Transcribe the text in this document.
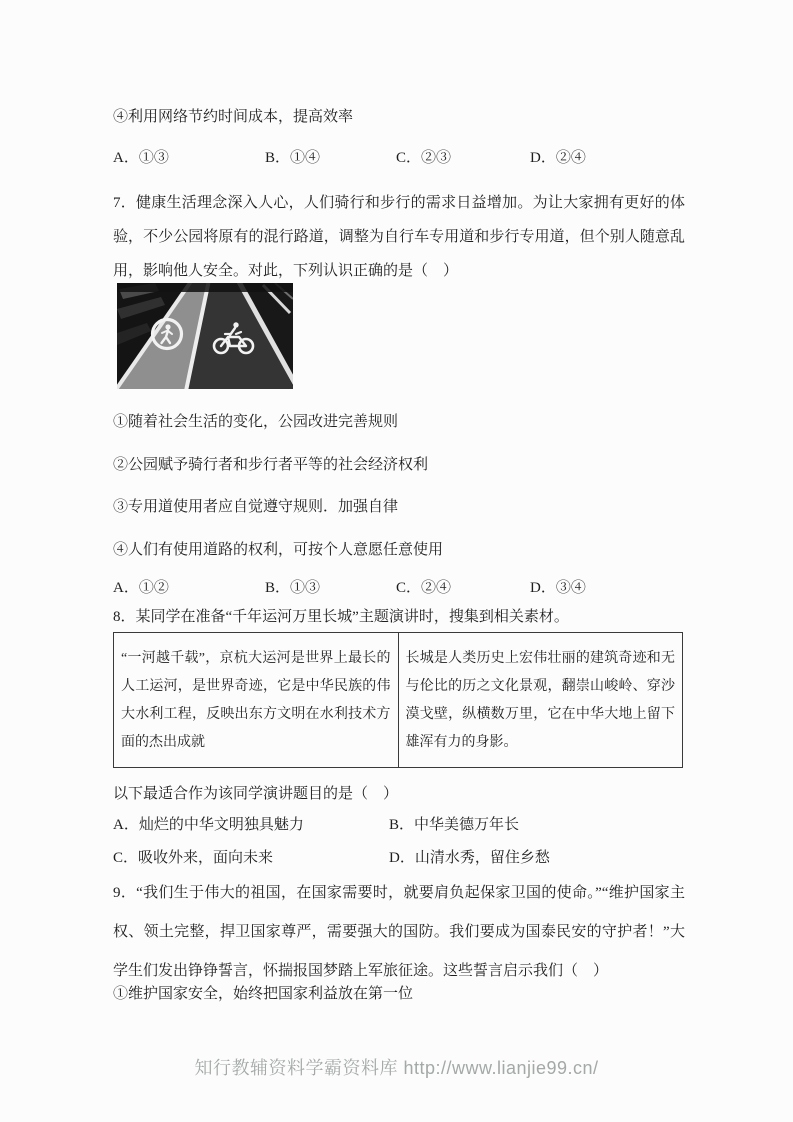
④利用网络节约时间成本，提高效率
A．①③	B．①④	C．②③	D．②④
7．健康生活理念深入人心，人们骑行和步行的需求日益增加。为让大家拥有更好的体验，不少公园将原有的混行路道，调整为自行车专用道和步行专用道，但个别人随意乱用，影响他人安全。对此，下列认识正确的是（　）
①随着社会生活的变化，公园改进完善规则
②公园赋予骑行者和步行者平等的社会经济权利
③专用道使用者应自觉遵守规则．加强自律
④人们有使用道路的权利，可按个人意愿任意使用
A．①②	B．①③	C．②④	D．③④
8．某同学在准备“千年运河万里长城”主题演讲时，搜集到相关素材。
“一河越千载”，京杭大运河是世界上最长的人工运河，是世界奇迹，它是中华民族的伟大水利工程，反映出东方文明在水利技术方面的杰出成就	长城是人类历史上宏伟壮丽的建筑奇迹和无与伦比的历之文化景观，翻崇山峻岭、穿沙漠戈壁，纵横数万里，它在中华大地上留下雄浑有力的身影。
以下最适合作为该同学演讲题目的是（　）
A．灿烂的中华文明独具魅力	B．中华美德万年长
C．吸收外来，面向未来	D．山清水秀，留住乡愁
9．“我们生于伟大的祖国，在国家需要时，就要肩负起保家卫国的使命。”“维护国家主权、领土完整，捍卫国家尊严，需要强大的国防。我们要成为国泰民安的守护者！”大学生们发出铮铮誓言，怀揣报国梦踏上军旅征途。这些誓言启示我们（　）
①维护国家安全，始终把国家利益放在第一位
知行教辅资料学霸资料库 http://www.lianjie99.cn/
